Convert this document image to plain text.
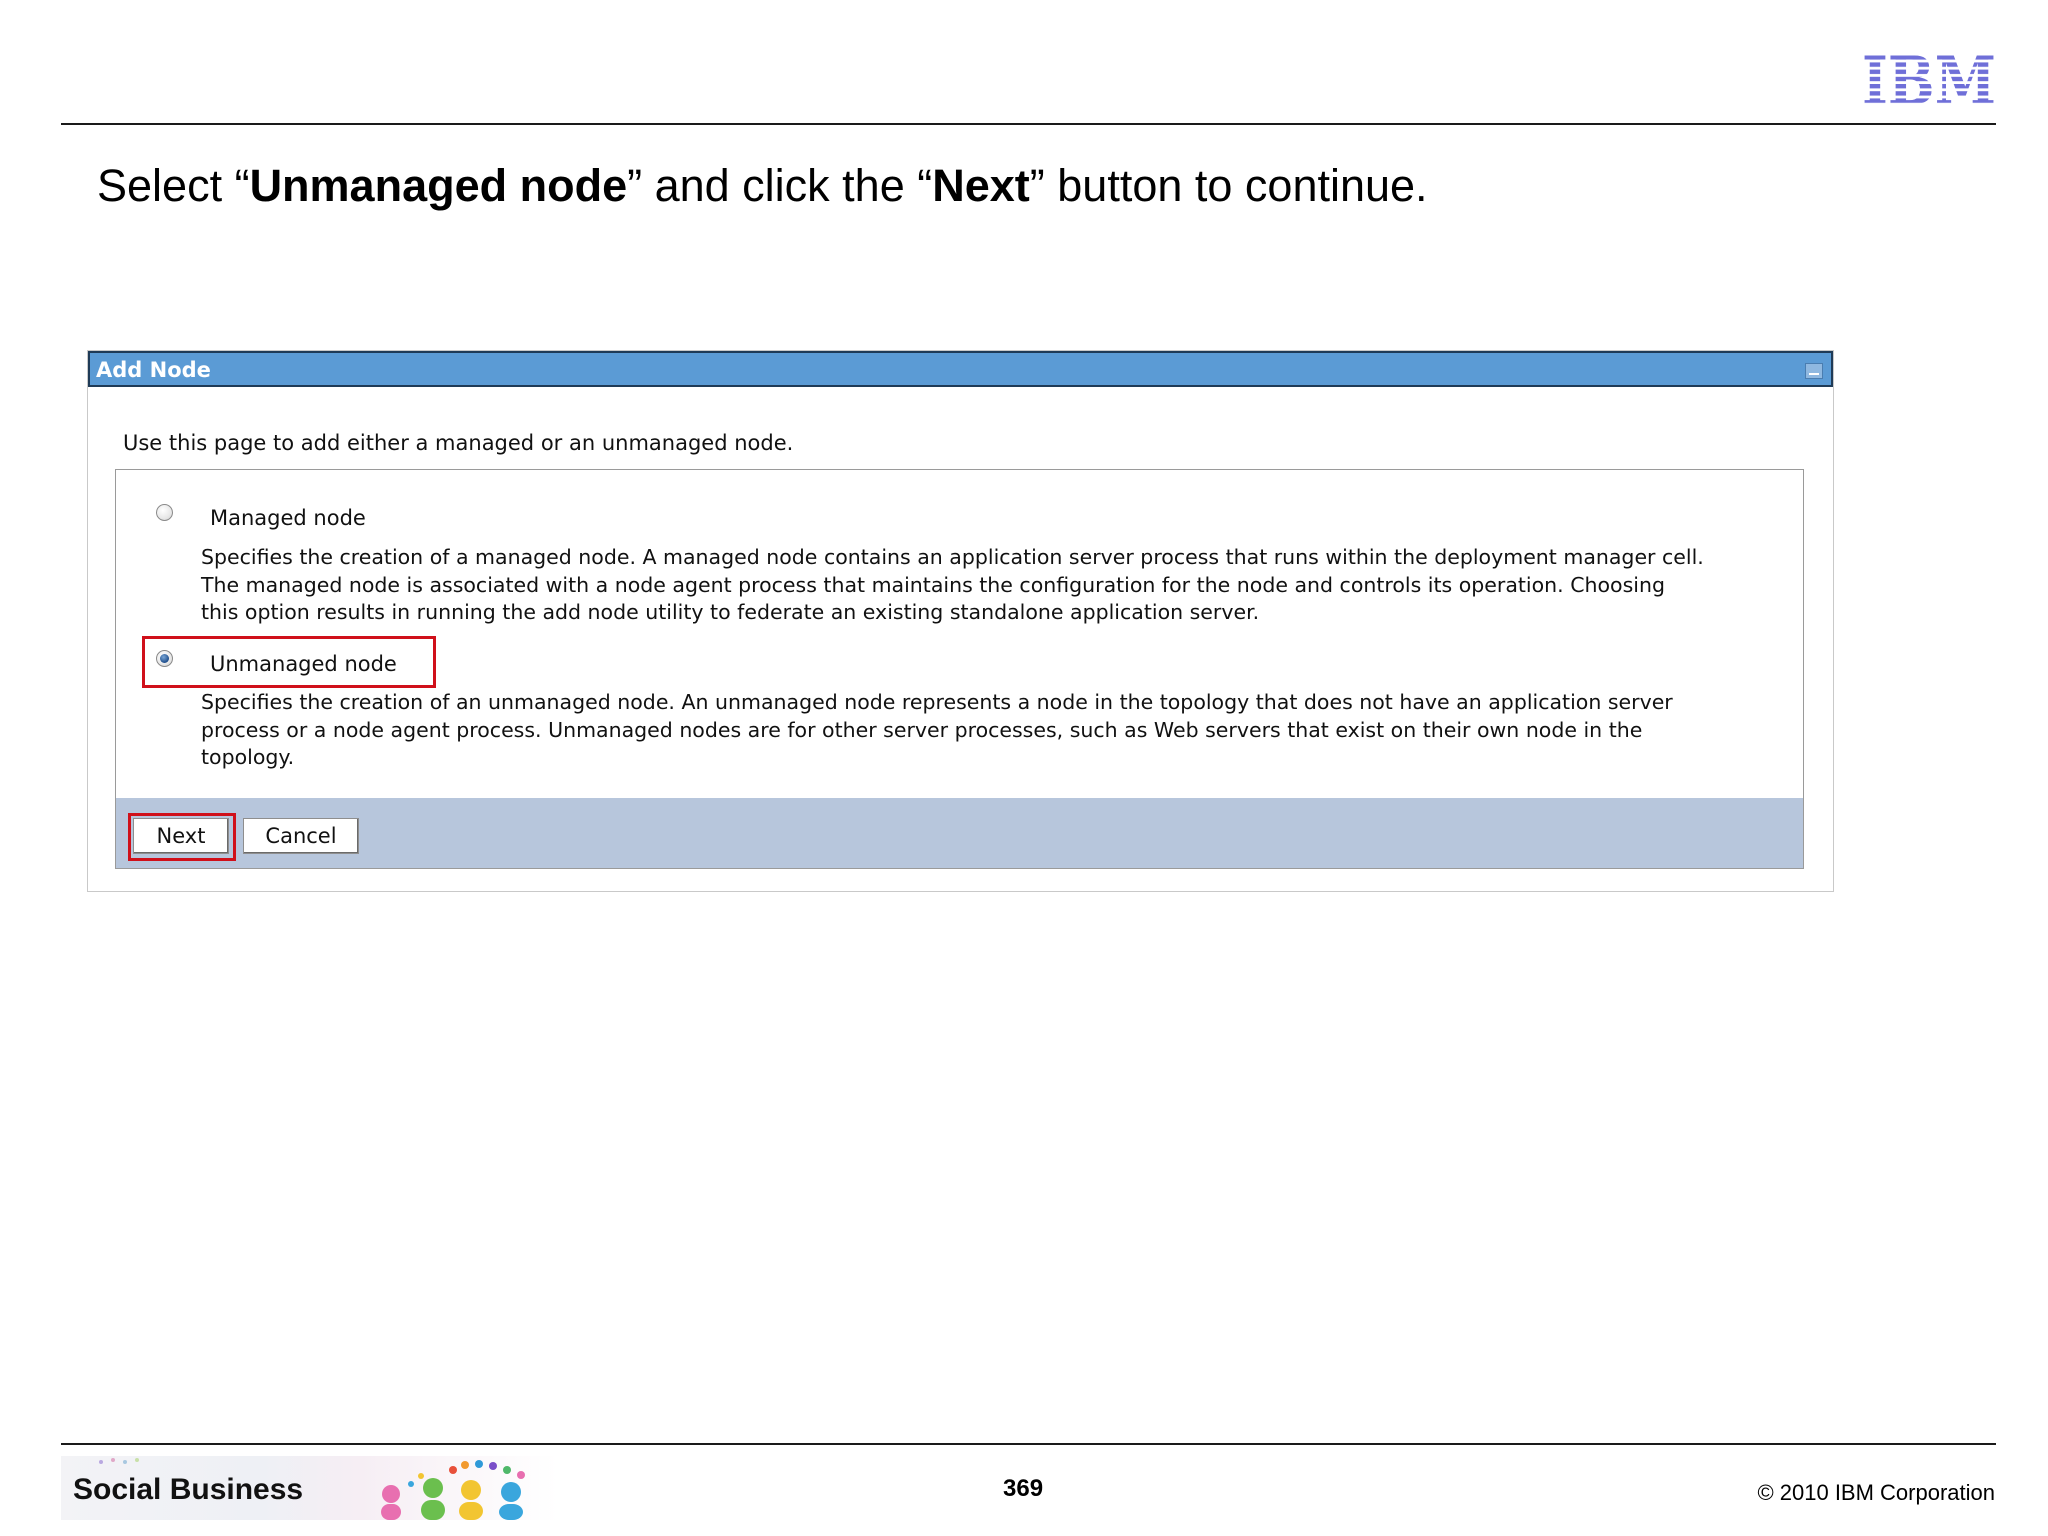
IBM
Select “Unmanaged node” and click the “Next” button to continue.
Add Node
Use this page to add either a managed or an unmanaged node.
Managed node
Specifies the creation of a managed node. A managed node contains an application server process that runs within the deployment manager cell.
The managed node is associated with a node agent process that maintains the configuration for the node and controls its operation. Choosing
this option results in running the add node utility to federate an existing standalone application server.
Unmanaged node
Specifies the creation of an unmanaged node. An unmanaged node represents a node in the topology that does not have an application server
process or a node agent process. Unmanaged nodes are for other server processes, such as Web servers that exist on their own node in the
topology.
Next	Cancel
Social Business	369	© 2010 IBM Corporation
